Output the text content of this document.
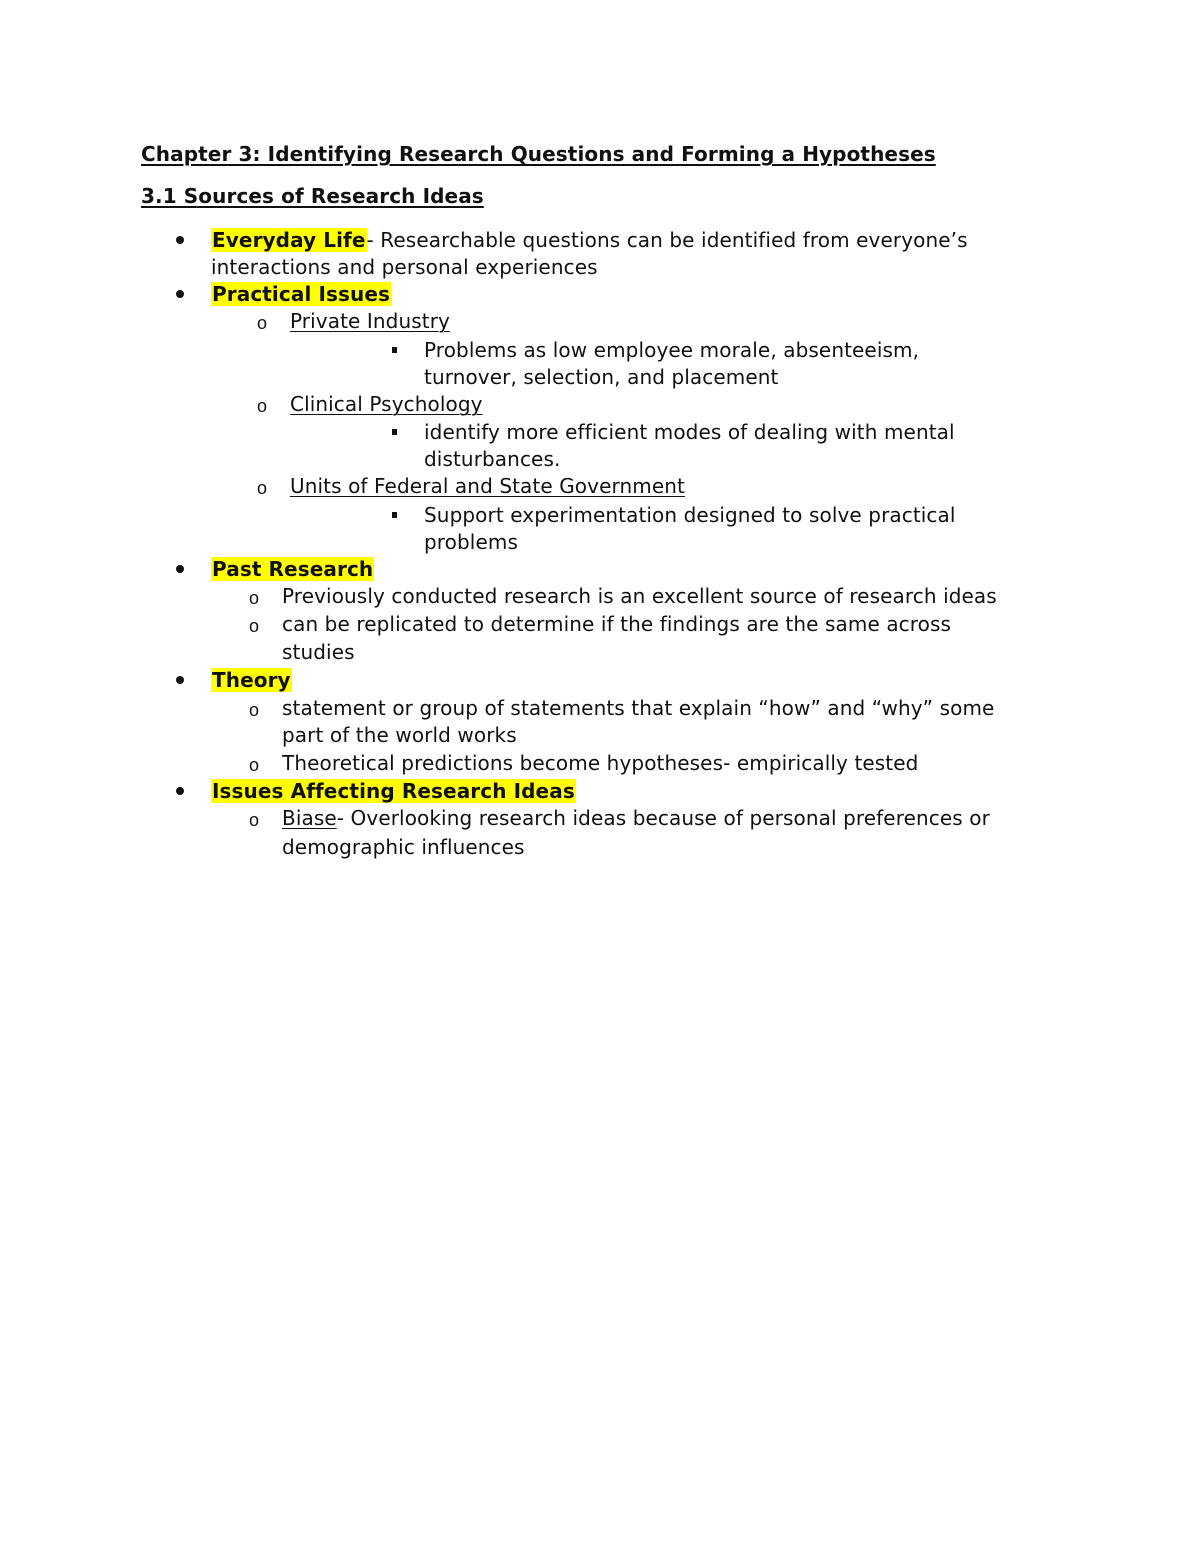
Chapter 3: Identifying Research Questions and Forming a Hypotheses
3.1 Sources of Research Ideas
Everyday Life- Researchable questions can be identified from everyone’s
interactions and personal experiences
Practical Issues
o Private Industry
Problems as low employee morale, absenteeism,
turnover, selection, and placement
o Clinical Psychology
identify more efficient modes of dealing with mental
disturbances.
o Units of Federal and State Government
Support experimentation designed to solve practical
problems
Past Research
o Previously conducted research is an excellent source of research ideas
o can be replicated to determine if the findings are the same across
studies
Theory
o statement or group of statements that explain “how” and “why” some
part of the world works
o Theoretical predictions become hypotheses- empirically tested
Issues Affecting Research Ideas
o Biase- Overlooking research ideas because of personal preferences or
demographic influences
